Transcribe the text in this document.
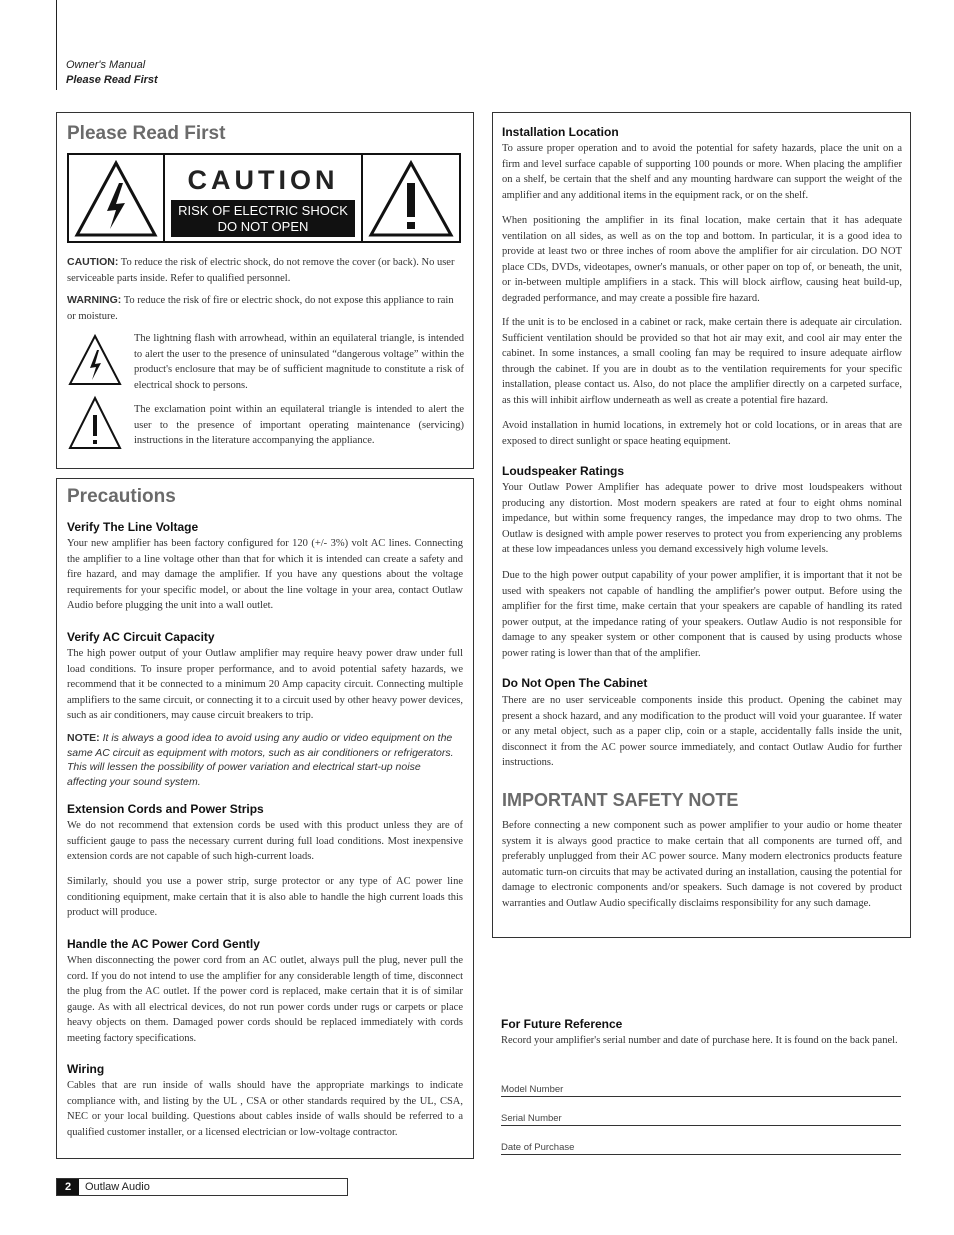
Owner's Manual
Please Read First
Please Read First
CAUTION
RISK OF ELECTRIC SHOCK
DO NOT OPEN

CAUTION: To reduce the risk of electric shock, do not remove the cover (or back). No user serviceable parts inside. Refer to qualified personnel.

WARNING: To reduce the risk of fire or electric shock, do not expose this appliance to rain or moisture.

The lightning flash with arrowhead, within an equilateral triangle, is intended to alert the user to the presence of uninsulated “dangerous voltage” within the product's enclosure that may be of sufficient magnitude to constitute a risk of electrical shock to persons.

The exclamation point within an equilateral triangle is intended to alert the user to the presence of important operating maintenance (servicing) instructions in the literature accompanying the appliance.

Precautions
Verify The Line Voltage

Your new amplifier has been factory configured for 120 (+/- 3%) volt AC lines. Connecting the amplifier to a line voltage other than that for which it is intended can create a safety and fire hazard, and may damage the amplifier. If you have any questions about the voltage requirements for your specific model, or about the line voltage in your area, contact Outlaw Audio before plugging the unit into a wall outlet.

Verify AC Circuit Capacity

The high power output of your Outlaw amplifier may require heavy power draw under full load conditions. To insure proper performance, and to avoid potential safety hazards, we recommend that it be connected to a minimum 20 Amp capacity circuit. Connecting multiple amplifiers to the same circuit, or connecting it to a circuit used by other heavy power devices, such as air conditioners, may cause circuit breakers to trip.

NOTE: It is always a good idea to avoid using any audio or video equipment on the same AC circuit as equipment with motors, such as air conditioners or refrigerators. This will lessen the possibility of power variation and electrical start-up noise affecting your sound system.

Extension Cords and Power Strips

We do not recommend that extension cords be used with this product unless they are of sufficient gauge to pass the necessary current during full load conditions. Most inexpensive extension cords are not capable of such high-current loads.

Similarly, should you use a power strip, surge protector or any type of AC power line conditioning equipment, make certain that it is also able to handle the high current loads this product will produce.

Handle the AC Power Cord Gently

When disconnecting the power cord from an AC outlet, always pull the plug, never pull the cord. If you do not intend to use the amplifier for any considerable length of time, disconnect the plug from the AC outlet. If the power cord is replaced, make certain that it is of similar gauge. As with all electrical devices, do not run power cords under rugs or carpets or place heavy objects on them. Damaged power cords should be replaced immediately with cords meeting factory specifications.

Wiring

Cables that are run inside of walls should have the appropriate markings to indicate compliance with, and listing by the UL , CSA or other standards required by the UL, CSA, NEC or your local building. Questions about cables inside of walls should be referred to a qualified customer installer, or a licensed electrician or low-voltage contractor.

Installation Location

To assure proper operation and to avoid the potential for safety hazards, place the unit on a firm and level surface capable of supporting 100 pounds or more. When placing the amplifier on a shelf, be certain that the shelf and any mounting hardware can support the weight of the amplifier and any additional items in the equipment rack, or on the shelf.

When positioning the amplifier in its final location, make certain that it has adequate ventilation on all sides, as well as on the top and bottom. In particular, it is a good idea to provide at least two or three inches of room above the amplifier for air circulation. DO NOT place CDs, DVDs, videotapes, owner's manuals, or other paper on top of, or beneath, the unit, or in-between multiple amplifiers in a stack. This will block airflow, causing heat build-up, degraded performance, and may create a possible fire hazard.

If the unit is to be enclosed in a cabinet or rack, make certain there is adequate air circulation. Sufficient ventilation should be provided so that hot air may exit, and cool air may enter the cabinet. In some instances, a small cooling fan may be required to insure adequate airflow through the cabinet. If you are in doubt as to the ventilation requirements for your specific installation, please contact us. Also, do not place the amplifier directly on a carpeted surface, as this will inhibit airflow underneath as well as create a potential fire hazard.

Avoid installation in humid locations, in extremely hot or cold locations, or in areas that are exposed to direct sunlight or space heating equipment.

Loudspeaker Ratings

Your Outlaw Power Amplifier has adequate power to drive most loudspeakers without producing any distortion. Most modern speakers are rated at four to eight ohms nominal impedance, but within some frequency ranges, the impedance may drop to two ohms. The Outlaw is designed with ample power reserves to protect you from experiencing any problems at these low impeadances unless you demand excessively high volume levels.

Due to the high power output capability of your power amplifier, it is important that it not be used with speakers not capable of handling the amplifier's power output. Before using the amplifier for the first time, make certain that your speakers are capable of handling its rated power output, at the impedance rating of your speakers. Outlaw Audio is not responsible for damage to any speaker system or other component that is caused by using products whose power rating is lower than that of the amplifier.

Do Not Open The Cabinet

There are no user serviceable components inside this product. Opening the cabinet may present a shock hazard, and any modification to the product will void your guarantee. If water or any metal object, such as a paper clip, coin or a staple, accidentally falls inside the unit, disconnect it from the AC power source immediately, and contact Outlaw Audio for further instructions.

IMPORTANT SAFETY NOTE

Before connecting a new component such as power amplifier to your audio or home theater system it is always good practice to make certain that all components are turned off, and preferably unplugged from their AC power source. Many modern electronics products feature automatic turn-on circuits that may be activated during an installation, causing the potential for damage to electronic components and/or speakers. Such damage is not covered by product warranties and Outlaw Audio specifically disclaims responsibility for any such damage.

For Future Reference

Record your amplifier's serial number and date of purchase here. It is found on the back panel.

Model Number
Serial Number
Date of Purchase
2	Outlaw Audio
